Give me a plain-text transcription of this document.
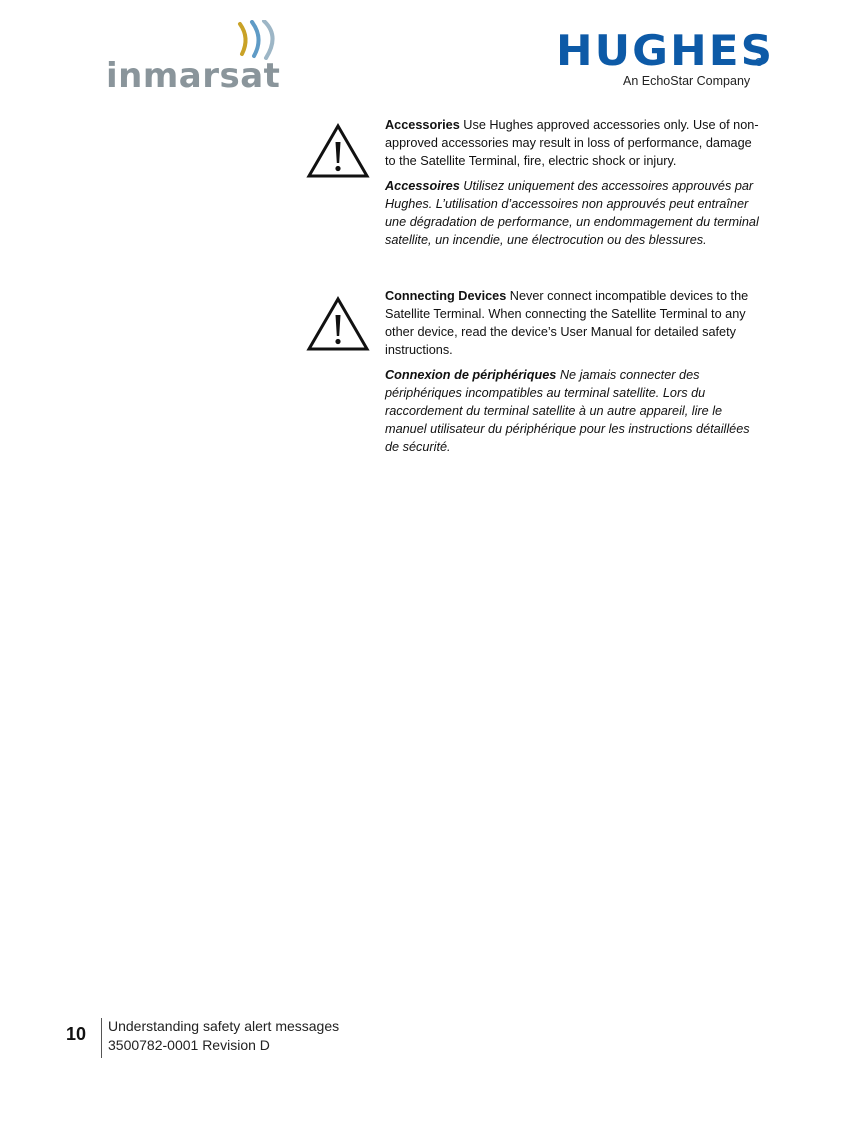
inmarsat
HUGHES
An EchoStar Company

Accessories Use Hughes approved accessories only. Use of non-approved accessories may result in loss of performance, damage to the Satellite Terminal, fire, electric shock or injury.

Accessoires Utilisez uniquement des accessoires approuvés par Hughes. L’utilisation d’accessoires non approuvés peut entraîner une dégradation de performance, un endommagement du terminal satellite, un incendie, une électrocution ou des blessures.

Connecting Devices Never connect incompatible devices to the Satellite Terminal. When connecting the Satellite Terminal to any other device, read the device’s User Manual for detailed safety instructions.

Connexion de périphériques Ne jamais connecter des périphériques incompatibles au terminal satellite. Lors du raccordement du terminal satellite à un autre appareil, lire le manuel utilisateur du périphérique pour les instructions détaillées de sécurité.

10 Understanding safety alert messages
3500782-0001 Revision D
